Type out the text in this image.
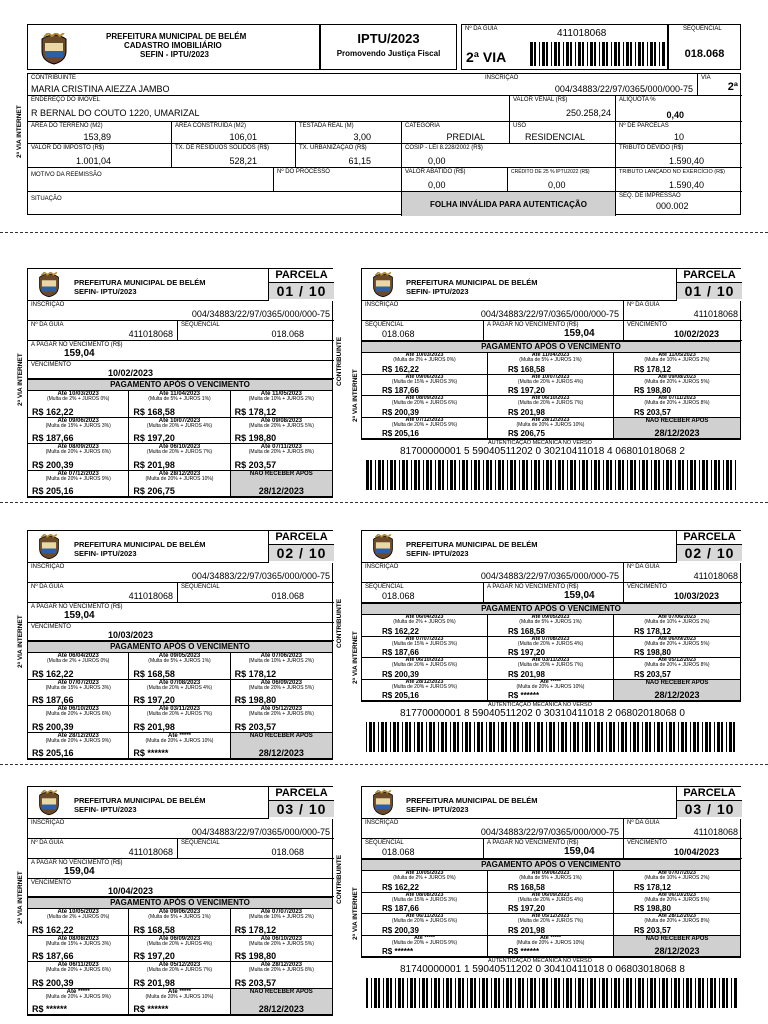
PREFEITURA MUNICIPAL DE BELÉM
CADASTRO IMOBILIÁRIO
SEFIN - IPTU/2023
IPTU/2023
Promovendo Justiça Fiscal
Nº DA GUIA	411018068
2ª VIA
SEQUENCIAL
018.068
2ª VIA INTERNET
CONTRIBUINTE
MARIA CRISTINA AIEZZA JAMBO
INSCRIÇÃO
004/34883/22/97/0365/000/000-75
VIA
2ª
ENDEREÇO DO IMÓVEL
R BERNAL DO COUTO 1220, UMARIZAL
VALOR VENAL (R$)
250.258,24
ALIQUOTA %
0,40
ÁREA DO TERRENO (M2)
153,89
ÁREA CONSTRUÍDA (M2)
106,01
TESTADA REAL (M)
3,00
CATEGORIA
PREDIAL
USO
RESIDENCIAL
Nº DE PARCELAS
10
VALOR DO IMPOSTO (R$)
1.001,04
TX. DE RESÍDUOS SÓLIDOS (R$)
528,21
TX. URBANIZAÇÃO (R$)
61,15
COSIP - LEI 8.228/2002 (R$)
0,00
TRIBUTO DEVIDO (R$)
1.590,40
MOTIVO DA REEMISSÃO	Nº DO PROCESSO	VALOR ABATIDO (R$)
0,00
CRÉDITO DE 25 % IPTU2022 (R$)
0,00
TRIBUTO LANÇADO NO EXERCÍCIO (R$)
1.590,40
SITUAÇÃO
FOLHA INVÁLIDA PARA AUTENTICAÇÃO
SEQ. DE IMPRESSÃO
000.002
PREFEITURA MUNICIPAL DE BELÉM
SEFIN- IPTU/2023
PARCELA
01 / 10
INSCRIÇÃO
004/34883/22/97/0365/000/000-75
Nº DA GUIA
411018068
SEQUENCIAL
018.068
A PAGAR NO VENCIMENTO (R$)
159,04
VENCIMENTO
10/02/2023
PAGAMENTO APÓS O VENCIMENTO
Até 10/03/2023
(Multa de 2% + JUROS 0%)
R$ 162,22
Até 11/04/2023
(Multa de 5% + JUROS 1%)
R$ 168,58
Até 11/05/2023
(Multa de 10% + JUROS 2%)
R$ 178,12
Até 09/06/2023
(Multa de 15% + JUROS 3%)
R$ 187,66
Até 10/07/2023
(Multa de 20% + JUROS 4%)
R$ 197,20
Até 09/08/2023
(Multa de 20% + JUROS 5%)
R$ 198,80
Até 08/09/2023
(Multa de 20% + JUROS 6%)
R$ 200,39
Até 06/10/2023
(Multa de 20% + JUROS 7%)
R$ 201,98
Até 07/11/2023
(Multa de 20% + JUROS 8%)
R$ 203,57
Até 07/12/2023
(Multa de 20% + JUROS 9%)
R$ 205,16
Até 28/12/2023
(Multa de 20% + JUROS 10%)
R$ 206,75
NÃO RECEBER APÓS
28/12/2023
2ª VIA INTERNET
PREFEITURA MUNICIPAL DE BELÉM
SEFIN- IPTU/2023
PARCELA
01 / 10
INSCRIÇÃO
004/34883/22/97/0365/000/000-75
Nº DA GUIA
411018068
SEQUENCIAL
018.068
A PAGAR NO VENCIMENTO (R$)
159,04
VENCIMENTO
10/02/2023
PAGAMENTO APÓS O VENCIMENTO
Até 10/03/2023
(Multa de 2% + JUROS 0%)
R$ 162,22
Até 11/04/2023
(Multa de 5% + JUROS 1%)
R$ 168,58
Até 11/05/2023
(Multa de 10% + JUROS 2%)
R$ 178,12
Até 09/06/2023
(Multa de 15% + JUROS 3%)
R$ 187,66
Até 10/07/2023
(Multa de 20% + JUROS 4%)
R$ 197,20
Até 09/08/2023
(Multa de 20% + JUROS 5%)
R$ 198,80
Até 08/09/2023
(Multa de 20% + JUROS 6%)
R$ 200,39
Até 06/10/2023
(Multa de 20% + JUROS 7%)
R$ 201,98
Até 07/11/2023
(Multa de 20% + JUROS 8%)
R$ 203,57
Até 07/12/2023
(Multa de 20% + JUROS 9%)
R$ 205,16
Até 28/12/2023
(Multa de 20% + JUROS 10%)
R$ 206,75
NÃO RECEBER APÓS
28/12/2023
AUTENTICAÇÃO MECÂNICA NO VERSO
81700000001 5 59040511202 0 30210411018 4 06801018068 2
CONTRIBUINTE
2ª VIA INTERNET
PREFEITURA MUNICIPAL DE BELÉM
SEFIN- IPTU/2023
PARCELA
02 / 10
INSCRIÇÃO
004/34883/22/97/0365/000/000-75
Nº DA GUIA
411018068
SEQUENCIAL
018.068
A PAGAR NO VENCIMENTO (R$)
159,04
VENCIMENTO
10/03/2023
PAGAMENTO APÓS O VENCIMENTO
Até 06/04/2023
(Multa de 2% + JUROS 0%)
R$ 162,22
Até 09/05/2023
(Multa de 5% + JUROS 1%)
R$ 168,58
Até 07/06/2023
(Multa de 10% + JUROS 2%)
R$ 178,12
Até 07/07/2023
(Multa de 15% + JUROS 3%)
R$ 187,66
Até 07/08/2023
(Multa de 20% + JUROS 4%)
R$ 197,20
Até 06/09/2023
(Multa de 20% + JUROS 5%)
R$ 198,80
Até 06/10/2023
(Multa de 20% + JUROS 6%)
R$ 200,39
Até 03/11/2023
(Multa de 20% + JUROS 7%)
R$ 201,98
Até 05/12/2023
(Multa de 20% + JUROS 8%)
R$ 203,57
Até 28/12/2023
(Multa de 20% + JUROS 9%)
R$ 205,16
Até *****
(Multa de 20% + JUROS 10%)
R$ ******
NÃO RECEBER APÓS
28/12/2023
2ª VIA INTERNET
PREFEITURA MUNICIPAL DE BELÉM
SEFIN- IPTU/2023
PARCELA
02 / 10
INSCRIÇÃO
004/34883/22/97/0365/000/000-75
Nº DA GUIA
411018068
SEQUENCIAL
018.068
A PAGAR NO VENCIMENTO (R$)
159,04
VENCIMENTO
10/03/2023
PAGAMENTO APÓS O VENCIMENTO
Até 06/04/2023
(Multa de 2% + JUROS 0%)
R$ 162,22
Até 09/05/2023
(Multa de 5% + JUROS 1%)
R$ 168,58
Até 07/06/2023
(Multa de 10% + JUROS 2%)
R$ 178,12
Até 07/07/2023
(Multa de 15% + JUROS 3%)
R$ 187,66
Até 07/08/2023
(Multa de 20% + JUROS 4%)
R$ 197,20
Até 06/09/2023
(Multa de 20% + JUROS 5%)
R$ 198,80
Até 06/10/2023
(Multa de 20% + JUROS 6%)
R$ 200,39
Até 03/11/2023
(Multa de 20% + JUROS 7%)
R$ 201,98
Até 05/12/2023
(Multa de 20% + JUROS 8%)
R$ 203,57
Até 28/12/2023
(Multa de 20% + JUROS 9%)
R$ 205,16
Até *****
(Multa de 20% + JUROS 10%)
R$ ******
NÃO RECEBER APÓS
28/12/2023
AUTENTICAÇÃO MECÂNICA NO VERSO
81770000001 8 59040511202 0 30310411018 2 06802018068 0
CONTRIBUINTE
2ª VIA INTERNET
PREFEITURA MUNICIPAL DE BELÉM
SEFIN- IPTU/2023
PARCELA
03 / 10
INSCRIÇÃO
004/34883/22/97/0365/000/000-75
Nº DA GUIA
411018068
SEQUENCIAL
018.068
A PAGAR NO VENCIMENTO (R$)
159,04
VENCIMENTO
10/04/2023
PAGAMENTO APÓS O VENCIMENTO
Até 10/05/2023
(Multa de 2% + JUROS 0%)
R$ 162,22
Até 09/06/2023
(Multa de 5% + JUROS 1%)
R$ 168,58
Até 07/07/2023
(Multa de 10% + JUROS 2%)
R$ 178,12
Até 08/08/2023
(Multa de 15% + JUROS 3%)
R$ 187,66
Até 06/09/2023
(Multa de 20% + JUROS 4%)
R$ 197,20
Até 06/10/2023
(Multa de 20% + JUROS 5%)
R$ 198,80
Até 06/11/2023
(Multa de 20% + JUROS 6%)
R$ 200,39
Até 05/12/2023
(Multa de 20% + JUROS 7%)
R$ 201,98
Até 28/12/2023
(Multa de 20% + JUROS 8%)
R$ 203,57
Até *****
(Multa de 20% + JUROS 9%)
R$ ******
Até *****
(Multa de 20% + JUROS 10%)
R$ ******
NÃO RECEBER APÓS
28/12/2023
2ª VIA INTERNET
PREFEITURA MUNICIPAL DE BELÉM
SEFIN- IPTU/2023
PARCELA
03 / 10
INSCRIÇÃO
004/34883/22/97/0365/000/000-75
Nº DA GUIA
411018068
SEQUENCIAL
018.068
A PAGAR NO VENCIMENTO (R$)
159,04
VENCIMENTO
10/04/2023
PAGAMENTO APÓS O VENCIMENTO
Até 10/05/2023
(Multa de 2% + JUROS 0%)
R$ 162,22
Até 09/06/2023
(Multa de 5% + JUROS 1%)
R$ 168,58
Até 07/07/2023
(Multa de 10% + JUROS 2%)
R$ 178,12
Até 08/08/2023
(Multa de 15% + JUROS 3%)
R$ 187,66
Até 06/09/2023
(Multa de 20% + JUROS 4%)
R$ 197,20
Até 06/10/2023
(Multa de 20% + JUROS 5%)
R$ 198,80
Até 06/11/2023
(Multa de 20% + JUROS 6%)
R$ 200,39
Até 05/12/2023
(Multa de 20% + JUROS 7%)
R$ 201,98
Até 28/12/2023
(Multa de 20% + JUROS 8%)
R$ 203,57
Até *****
(Multa de 20% + JUROS 9%)
R$ ******
Até *****
(Multa de 20% + JUROS 10%)
R$ ******
NÃO RECEBER APÓS
28/12/2023
AUTENTICAÇÃO MECÂNICA NO VERSO
81740000001 1 59040511202 0 30410411018 0 06803018068 8
CONTRIBUINTE
2ª VIA INTERNET
